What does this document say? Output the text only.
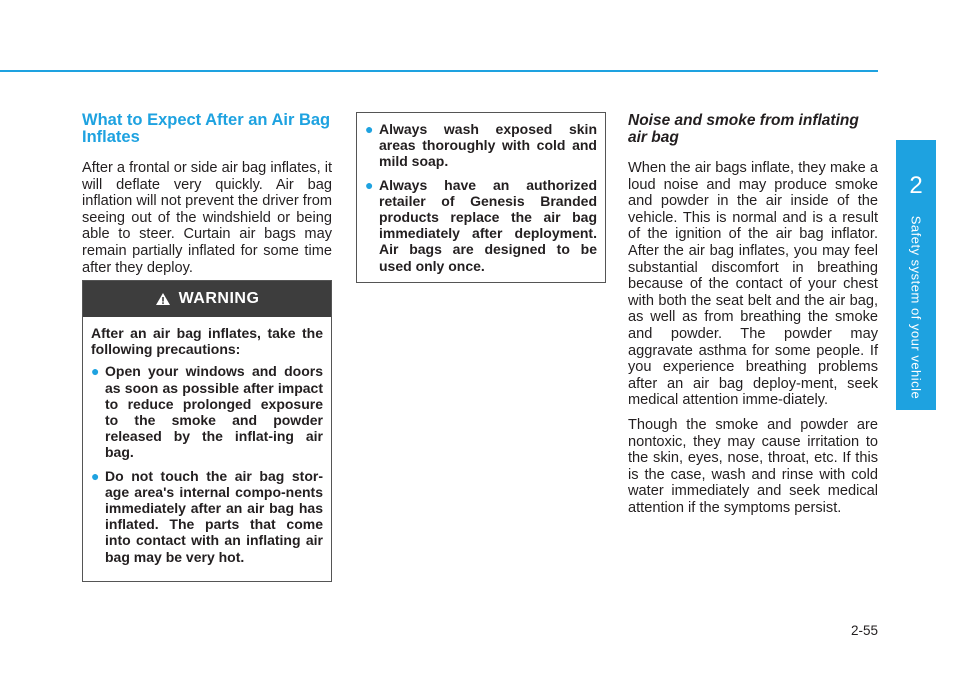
What to Expect After an Air Bag Inflates

After a frontal or side air bag inflates, it will deflate very quickly. Air bag inflation will not prevent the driver from seeing out of the windshield or being able to steer. Curtain air bags may remain partially inflated for some time after they deploy.

WARNING

After an air bag inflates, take the following precautions:

● Open your windows and doors as soon as possible after impact to reduce prolonged exposure to the smoke and powder released by the inflat-ing air bag.
● Do not touch the air bag stor-age area's internal compo-nents immediately after an air bag has inflated. The parts that come into contact with an inflating air bag may be very hot.
● Always wash exposed skin areas thoroughly with cold and mild soap.
● Always have an authorized retailer of Genesis Branded products replace the air bag immediately after deployment. Air bags are designed to be used only once.
Noise and smoke from inflating air bag

When the air bags inflate, they make a loud noise and may produce smoke and powder in the air inside of the vehicle. This is normal and is a result of the ignition of the air bag inflator. After the air bag inflates, you may feel substantial discomfort in breathing because of the contact of your chest with both the seat belt and the air bag, as well as from breathing the smoke and powder. The powder may aggravate asthma for some people. If you experience breathing problems after an air bag deploy-ment, seek medical attention imme-diately.

Though the smoke and powder are nontoxic, they may cause irritation to the skin, eyes, nose, throat, etc. If this is the case, wash and rinse with cold water immediately and seek medical attention if the symptoms persist.

2
Safety system of your vehicle
2-55
